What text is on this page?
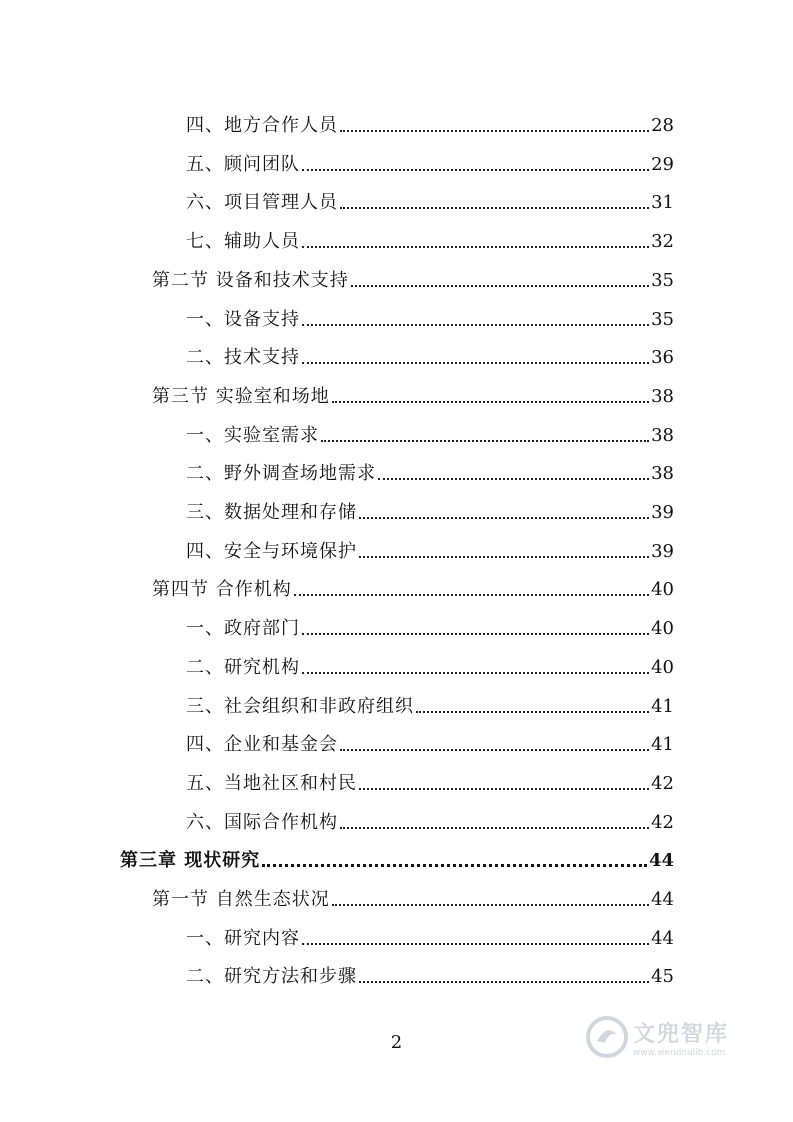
四、地方合作人员	28
五、顾问团队	29
六、项目管理人员	31
七、辅助人员	32
第二节 设备和技术支持	35
一、设备支持	35
二、技术支持	36
第三节 实验室和场地	38
一、实验室需求	38
二、野外调查场地需求	38
三、数据处理和存储	39
四、安全与环境保护	39
第四节 合作机构	40
一、政府部门	40
二、研究机构	40
三、社会组织和非政府组织	41
四、企业和基金会	41
五、当地社区和村民	42
六、国际合作机构	42
第三章 现状研究	44
第一节 自然生态状况	44
一、研究内容	44
二、研究方法和步骤	45
2	文兜智库
www.wendoulib.com
